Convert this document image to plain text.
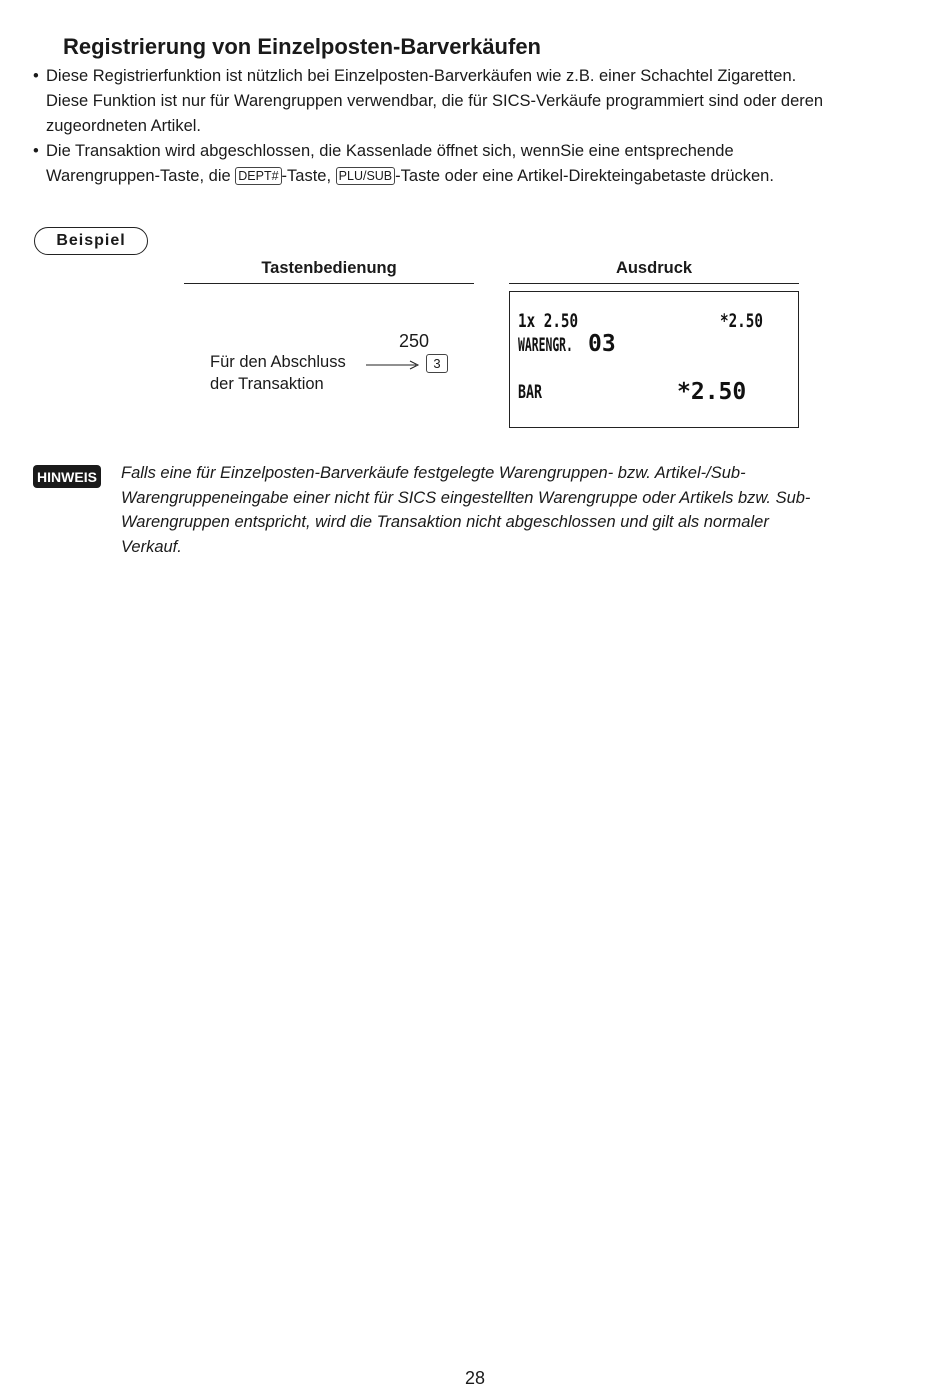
Registrierung von Einzelposten-Barverkäufen
• Diese Registrierfunktion ist nützlich bei Einzelposten-Barverkäufen wie z.B. einer Schachtel Zigaretten.
Diese Funktion ist nur für Warengruppen verwendbar, die für SICS-Verkäufe programmiert sind oder deren
zugeordneten Artikel.
• Die Transaktion wird abgeschlossen, die Kassenlade öffnet sich, wennSie eine entsprechende
Warengruppen-Taste, die DEPT# -Taste, PLU/SUB -Taste oder eine Artikel-Direkteingabetaste drücken.
Beispiel
Tastenbedienung	Ausdruck
250
Für den Abschluss
der Transaktion
3
1x 2.50	*2.50
WARENGR. 03
BAR	*2.50
HINWEIS Falls eine für Einzelposten-Barverkäufe festgelegte Warengruppen- bzw. Artikel-/Sub-
Warengruppeneingabe einer nicht für SICS eingestellten Warengruppe oder Artikels bzw. Sub-
Warengruppen entspricht, wird die Transaktion nicht abgeschlossen und gilt als normaler
Verkauf.
28
